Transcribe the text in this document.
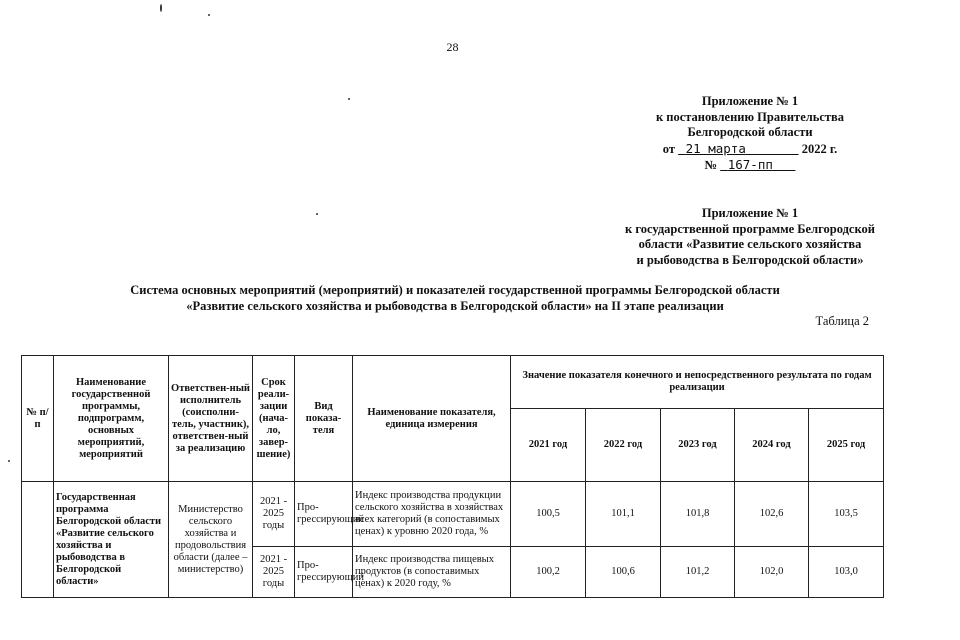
28
Приложение № 1
к постановлению Правительства
Белгородской области
от 21 марта	2022 г.
№ 167-пп
Приложение № 1
к государственной программе Белгородской
области «Развитие сельского хозяйства
и рыбоводства в Белгородской области»
Система основных мероприятий (мероприятий) и показателей государственной программы Белгородской области
«Развитие сельского хозяйства и рыбоводства в Белгородской области» на II этапе реализации
Таблица 2
№ п/п	Наименование государственной программы, подпрограмм, основных мероприятий, мероприятий	Ответствен-ный исполнитель (соисполни-тель, участник), ответствен-ный за реализацию	Срок реали-зации (нача-ло, завер-шение)	Вид показа-теля	Наименование показателя, единица измерения	Значение показателя конечного и непосредственного результата по годам реализации				
						2021 год	2022 год	2023 год	2024 год	2025 год
	Государственная программа Белгородской области «Развитие сельского хозяйства и рыбоводства в Белгородской области»	Министерство сельского хозяйства и продовольствия области (далее – министерство)	2021 - 2025 годы	Про-грессирующий	Индекс производства продукции сельского хозяйства в хозяйствах всех категорий (в сопоставимых ценах) к уровню 2020 года, %	100,5	101,1	101,8	102,6	103,5
			2021 - 2025 годы	Про-грессирующий	Индекс производства пищевых продуктов (в сопоставимых ценах) к 2020 году, %	100,2	100,6	101,2	102,0	103,0
